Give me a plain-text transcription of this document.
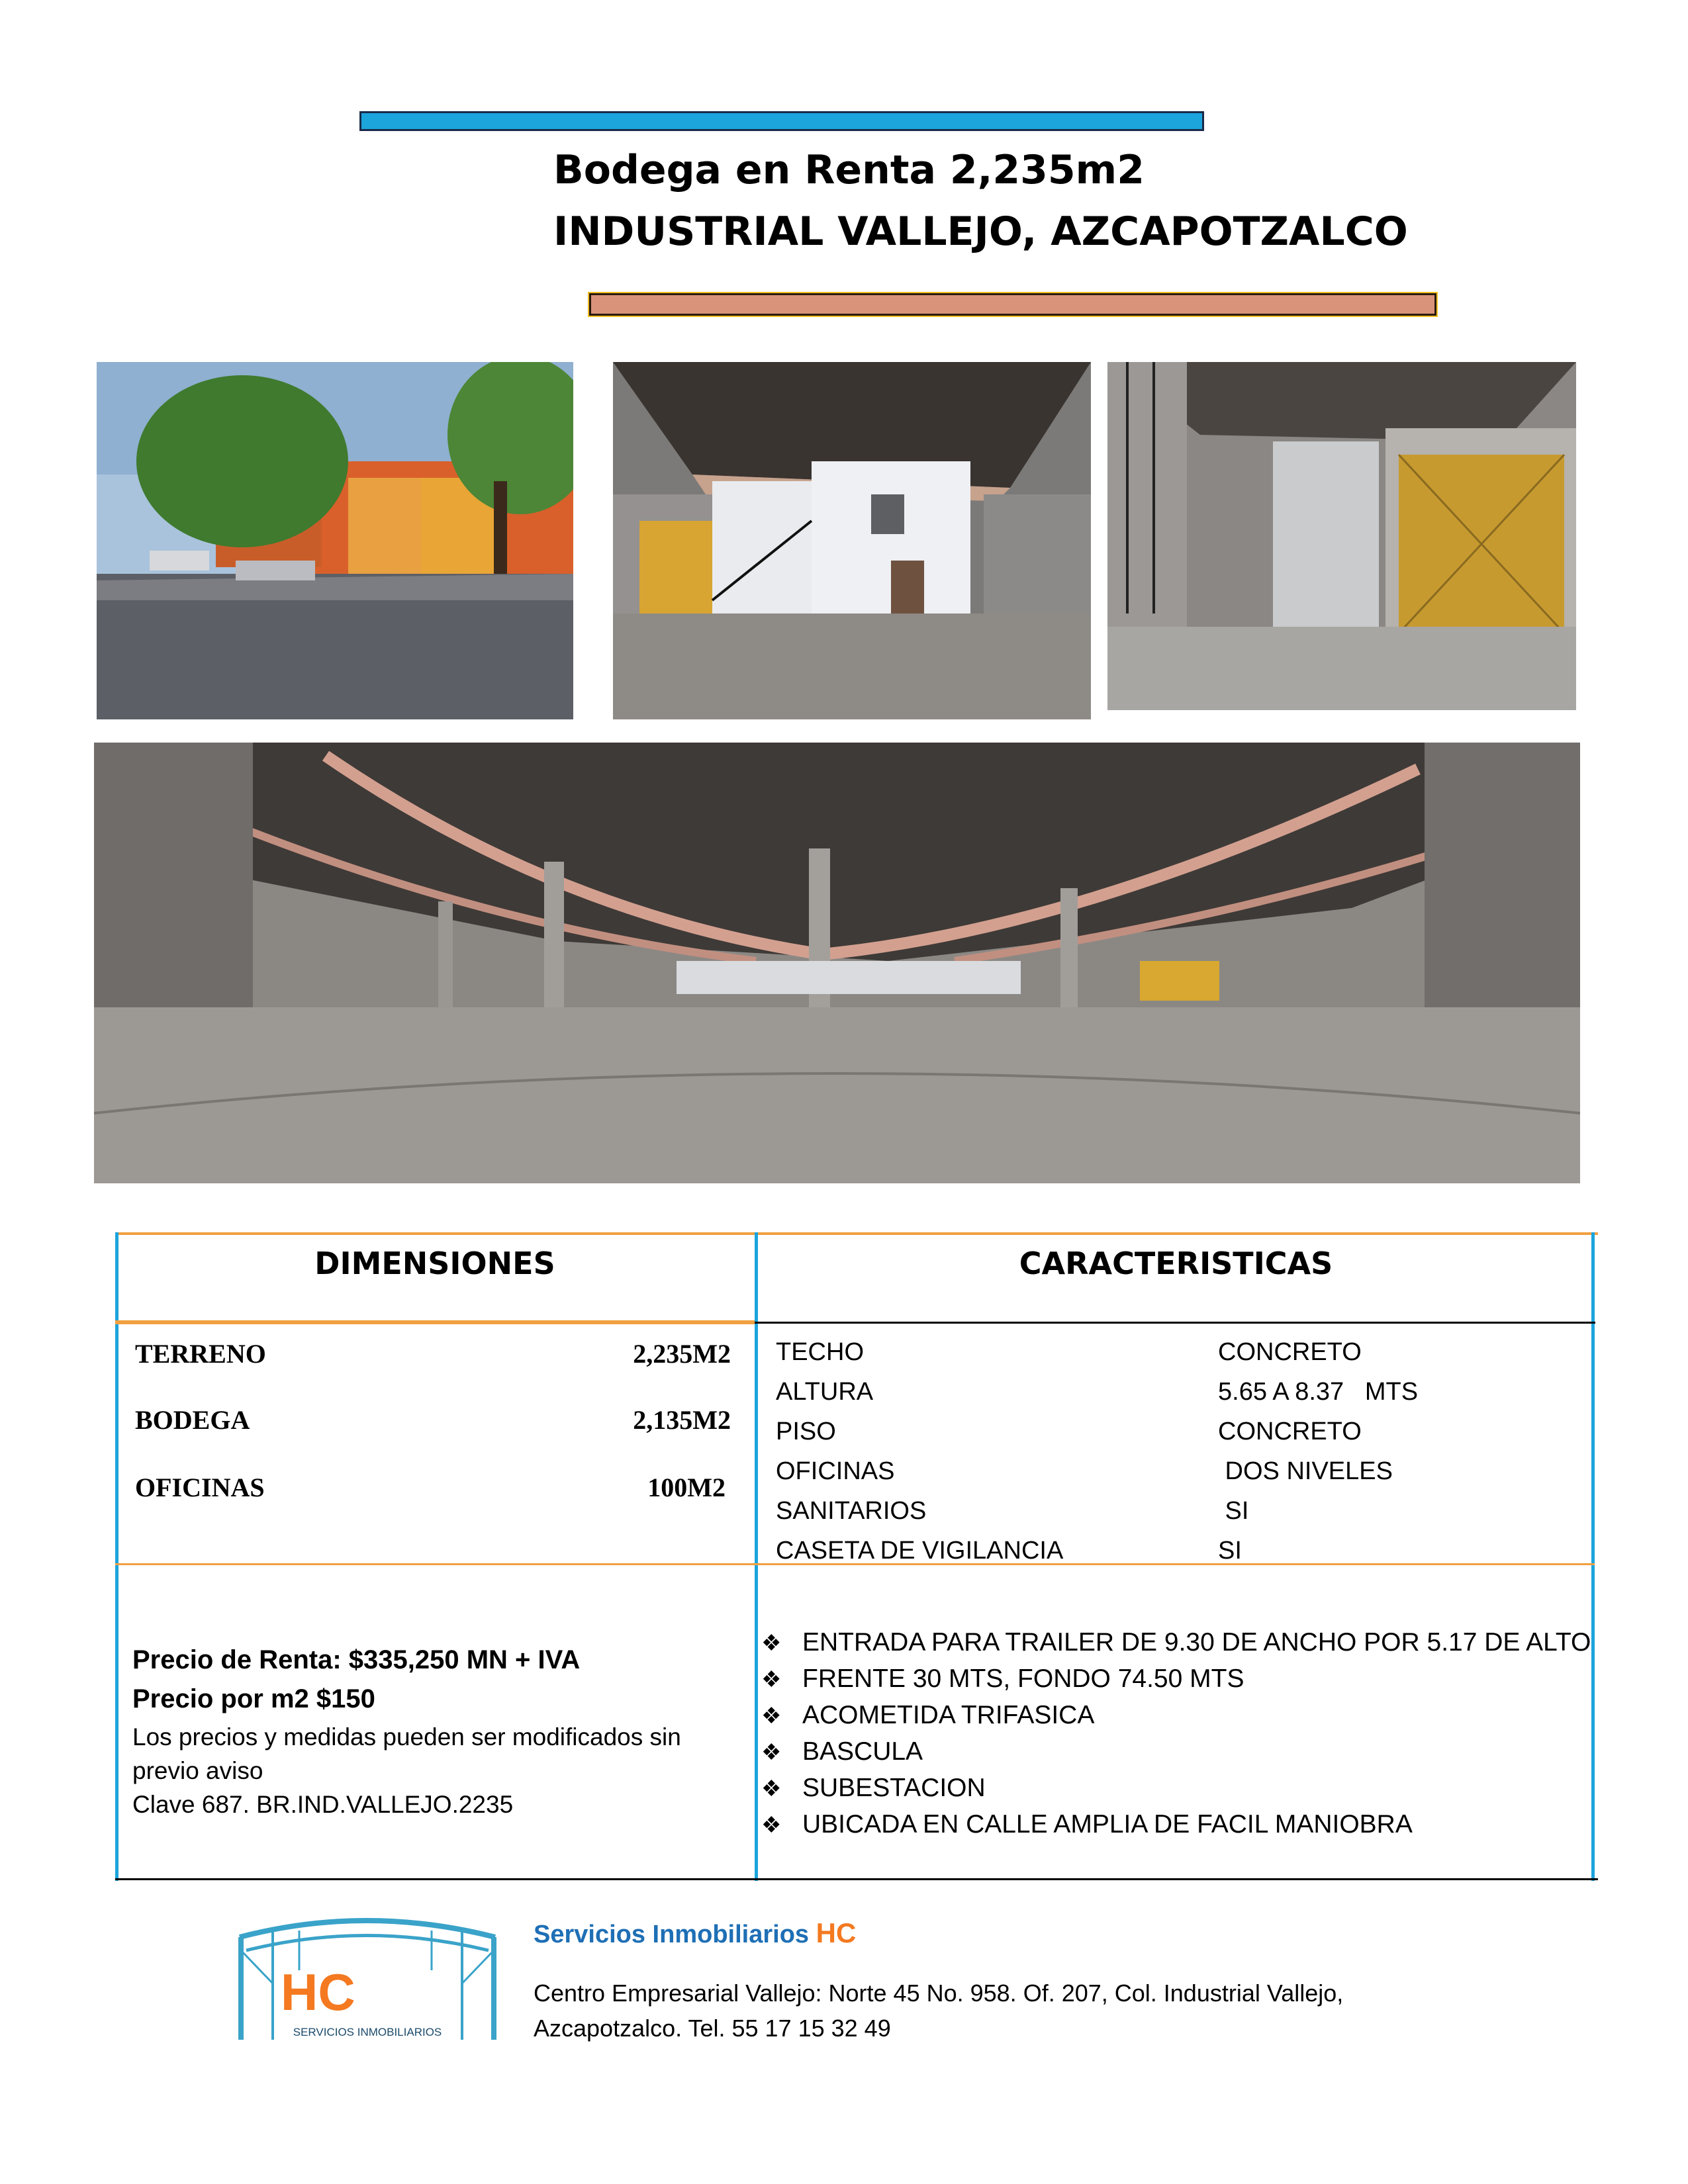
Bodega en Renta 2,235m2
INDUSTRIAL VALLEJO, AZCAPOTZALCO
DIMENSIONES	CARACTERISTICAS
TERRENO	2,235M2
BODEGA	2,135M2
OFICINAS	100M2
TECHO	CONCRETO
ALTURA	5.65 A 8.37   MTS
PISO	CONCRETO
OFICINAS	DOS NIVELES
SANITARIOS	SI
CASETA DE VIGILANCIA	SI
Precio de Renta: $335,250 MN + IVA
Precio por m2 $150
Los precios y medidas pueden ser modificados sin
previo aviso
Clave 687. BR.IND.VALLEJO.2235
❖ ENTRADA PARA TRAILER DE 9.30 DE ANCHO POR 5.17 DE ALTO
❖ FRENTE 30 MTS, FONDO 74.50 MTS
❖ ACOMETIDA TRIFASICA
❖ BASCULA
❖ SUBESTACION
❖ UBICADA EN CALLE AMPLIA DE FACIL MANIOBRA
HC
SERVICIOS INMOBILIARIOS
Servicios Inmobiliarios HC
Centro Empresarial Vallejo: Norte 45 No. 958. Of. 207, Col. Industrial Vallejo,
Azcapotzalco. Tel. 55 17 15 32 49
